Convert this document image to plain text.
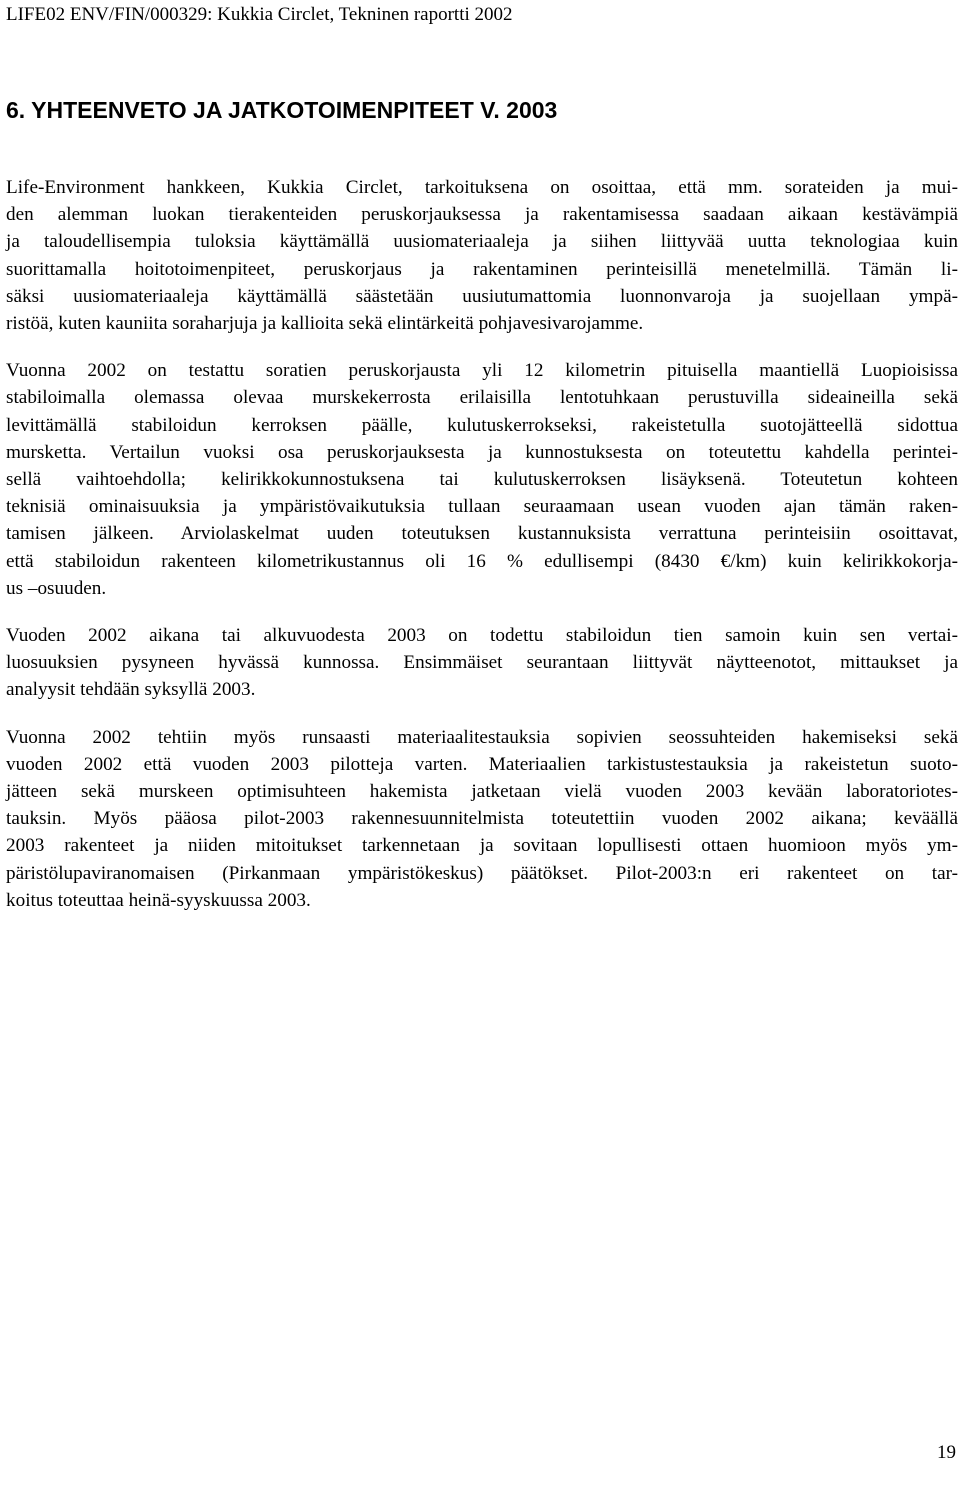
LIFE02 ENV/FIN/000329: Kukkia Circlet, Tekninen raportti 2002
6. YHTEENVETO JA JATKOTOIMENPITEET V. 2003

Life-Environment hankkeen, Kukkia Circlet, tarkoituksena on osoittaa, että mm. sorateiden ja mui-
den alemman luokan tierakenteiden peruskorjauksessa ja rakentamisessa saadaan aikaan kestävämpiä
ja taloudellisempia tuloksia käyttämällä uusiomateriaaleja ja siihen liittyvää uutta teknologiaa kuin
suorittamalla hoitotoimenpiteet, peruskorjaus ja rakentaminen perinteisillä menetelmillä. Tämän li-
säksi uusiomateriaaleja käyttämällä säästetään uusiutumattomia luonnonvaroja ja suojellaan ympä-
ristöä, kuten kauniita soraharjuja ja kallioita sekä elintärkeitä pohjavesivarojamme.

Vuonna 2002 on testattu soratien peruskorjausta yli 12 kilometrin pituisella maantiellä Luopioisissa
stabiloimalla olemassa olevaa murskekerrosta erilaisilla lentotuhkaan perustuvilla sideaineilla sekä
levittämällä stabiloidun kerroksen päälle, kulutuskerrokseksi, rakeistetulla suotojätteellä sidottua
mursketta. Vertailun vuoksi osa peruskorjauksesta ja kunnostuksesta on toteutettu kahdella perintei-
sellä vaihtoehdolla; kelirikkokunnostuksena tai kulutuskerroksen lisäyksenä. Toteutetun kohteen
teknisiä ominaisuuksia ja ympäristövaikutuksia tullaan seuraamaan usean vuoden ajan tämän raken-
tamisen jälkeen. Arviolaskelmat uuden toteutuksen kustannuksista verrattuna perinteisiin osoittavat,
että stabiloidun rakenteen kilometrikustannus oli 16 % edullisempi (8430 €/km) kuin kelirikkokorja-
us –osuuden.

Vuoden 2002 aikana tai alkuvuodesta 2003 on todettu stabiloidun tien samoin kuin sen vertai-
luosuuksien pysyneen hyvässä kunnossa. Ensimmäiset seurantaan liittyvät näytteenotot, mittaukset ja
analyysit tehdään syksyllä 2003.

Vuonna 2002 tehtiin myös runsaasti materiaalitestauksia sopivien seossuhteiden hakemiseksi sekä
vuoden 2002 että vuoden 2003 pilotteja varten. Materiaalien tarkistustestauksia ja rakeistetun suoto-
jätteen sekä murskeen optimisuhteen hakemista jatketaan vielä vuoden 2003 kevään laboratoriotes-
tauksin. Myös pääosa pilot-2003 rakennesuunnitelmista toteutettiin vuoden 2002 aikana; keväällä
2003 rakenteet ja niiden mitoitukset tarkennetaan ja sovitaan lopullisesti ottaen huomioon myös ym-
päristölupaviranomaisen (Pirkanmaan ympäristökeskus) päätökset. Pilot-2003:n eri rakenteet on tar-
koitus toteuttaa heinä-syyskuussa 2003.

19
